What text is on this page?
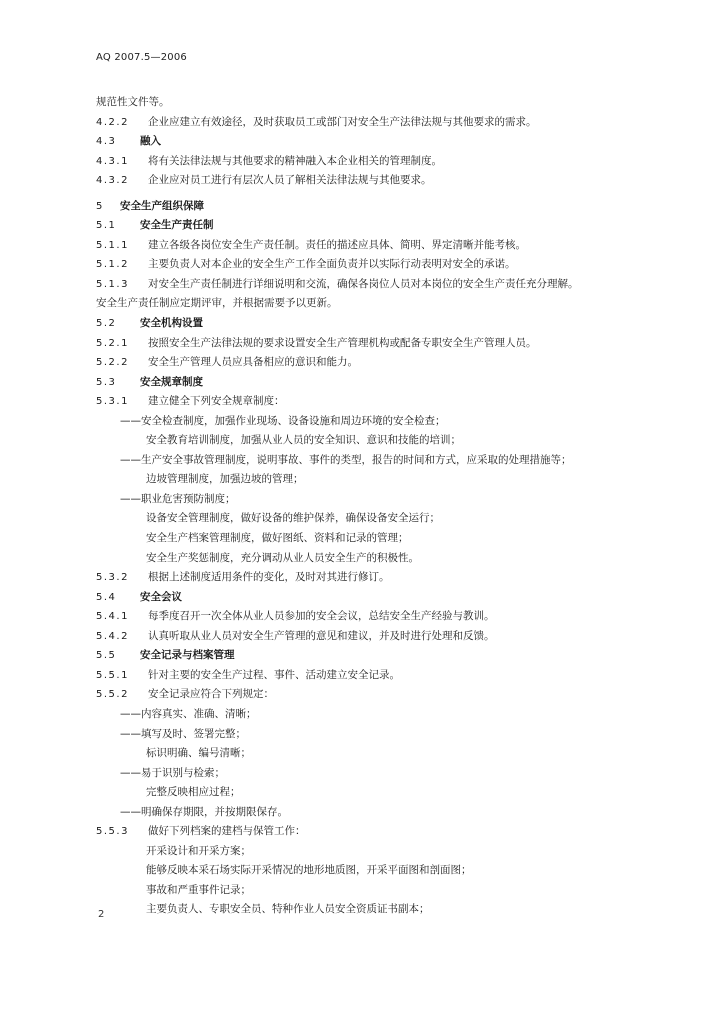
AQ 2007.5—2006
规范性文件等。
4.2.2 企业应建立有效途径，及时获取员工或部门对安全生产法律法规与其他要求的需求。
4.3 融入
4.3.1 将有关法律法规与其他要求的精神融入本企业相关的管理制度。
4.3.2 企业应对员工进行有层次人员了解相关法律法规与其他要求。
5 安全生产组织保障
5.1 安全生产责任制
5.1.1 建立各级各岗位安全生产责任制。责任的描述应具体、简明、界定清晰并能考核。
5.1.2 主要负责人对本企业的安全生产工作全面负责并以实际行动表明对安全的承诺。
5.1.3 对安全生产责任制进行详细说明和交流，确保各岗位人员对本岗位的安全生产责任充分理解。
安全生产责任制应定期评审，并根据需要予以更新。
5.2 安全机构设置
5.2.1 按照安全生产法律法规的要求设置安全生产管理机构或配备专职安全生产管理人员。
5.2.2 安全生产管理人员应具备相应的意识和能力。
5.3 安全规章制度
5.3.1 建立健全下列安全规章制度：
——安全检查制度，加强作业现场、设备设施和周边环境的安全检查；
安全教育培训制度，加强从业人员的安全知识、意识和技能的培训；
——生产安全事故管理制度，说明事故、事件的类型，报告的时间和方式，应采取的处理措施等；
边坡管理制度，加强边坡的管理；
——职业危害预防制度；
设备安全管理制度，做好设备的维护保养，确保设备安全运行；
安全生产档案管理制度，做好图纸、资料和记录的管理；
安全生产奖惩制度，充分调动从业人员安全生产的积极性。
5.3.2 根据上述制度适用条件的变化，及时对其进行修订。
5.4 安全会议
5.4.1 每季度召开一次全体从业人员参加的安全会议，总结安全生产经验与教训。
5.4.2 认真听取从业人员对安全生产管理的意见和建议，并及时进行处理和反馈。
5.5 安全记录与档案管理
5.5.1 针对主要的安全生产过程、事件、活动建立安全记录。
5.5.2 安全记录应符合下列规定：
——内容真实、准确、清晰；
——填写及时、签署完整；
标识明确、编号清晰；
——易于识别与检索；
完整反映相应过程；
——明确保存期限，并按期限保存。
5.5.3 做好下列档案的建档与保管工作：
开采设计和开采方案；
能够反映本采石场实际开采情况的地形地质图，开采平面图和剖面图；
事故和严重事件记录；
主要负责人、专职安全员、特种作业人员安全资质证书副本；
2
